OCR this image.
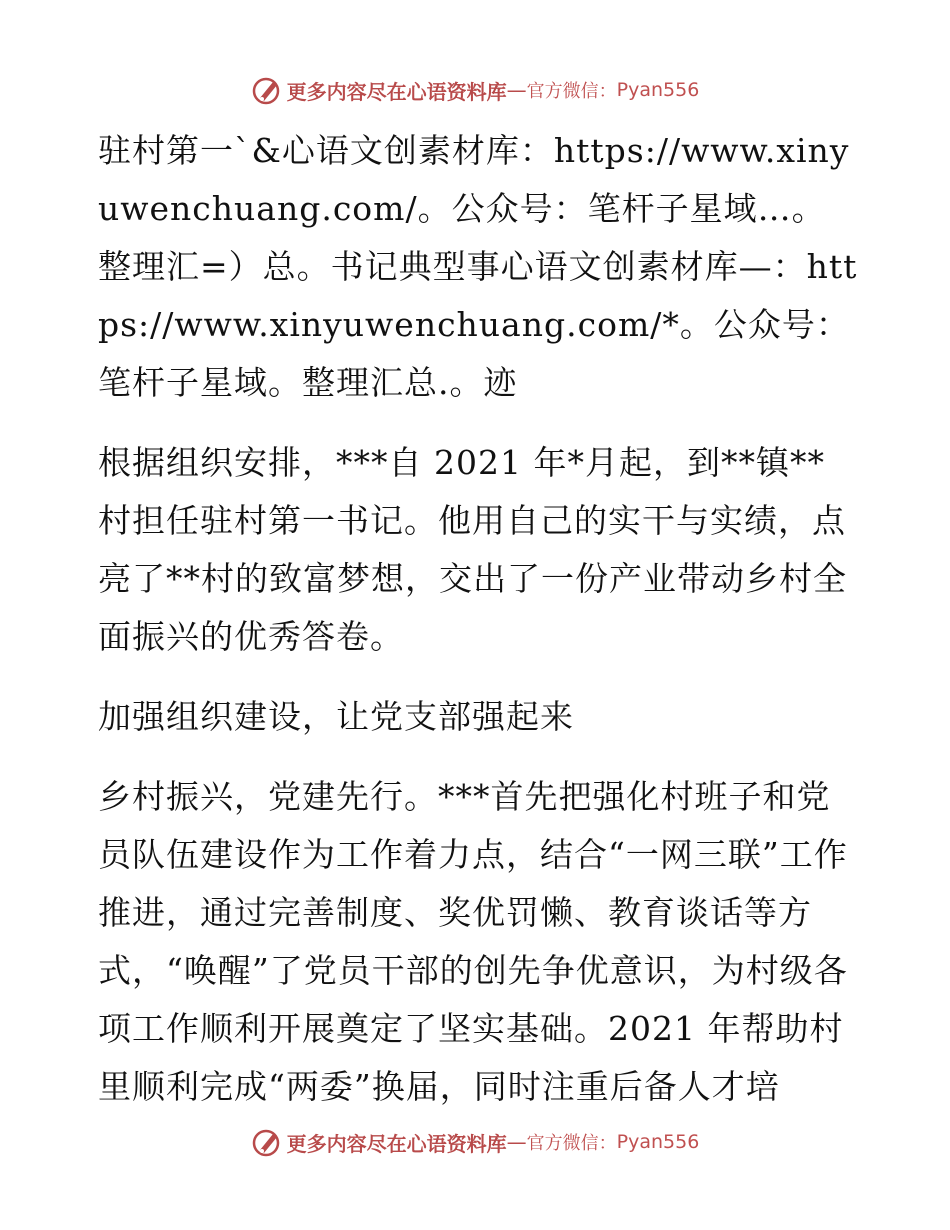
更多内容尽在心语资料库 — 官方微信： Pyan556

驻村第一`&心语文创素材库：https://www.xinyuwenchuang.com/。公众号：笔杆子星域…。整理汇=）总。书记典型事心语文创素材库—：https://www.xinyuwenchuang.com/*。公众号：笔杆子星域。整理汇总.。迹

根据组织安排，***自 2021 年*月起，到**镇**村担任驻村第一书记。他用自己的实干与实绩，点亮了**村的致富梦想，交出了一份产业带动乡村全面振兴的优秀答卷。

加强组织建设，让党支部强起来

乡村振兴，党建先行。***首先把强化村班子和党员队伍建设作为工作着力点，结合“一网三联”工作推进，通过完善制度、奖优罚懒、教育谈话等方式，“唤醒”了党员干部的创先争优意识，为村级各项工作顺利开展奠定了坚实基础。2021 年帮助村里顺利完成“两委”换届，同时注重后备人才培

更多内容尽在心语资料库 — 官方微信： Pyan556
